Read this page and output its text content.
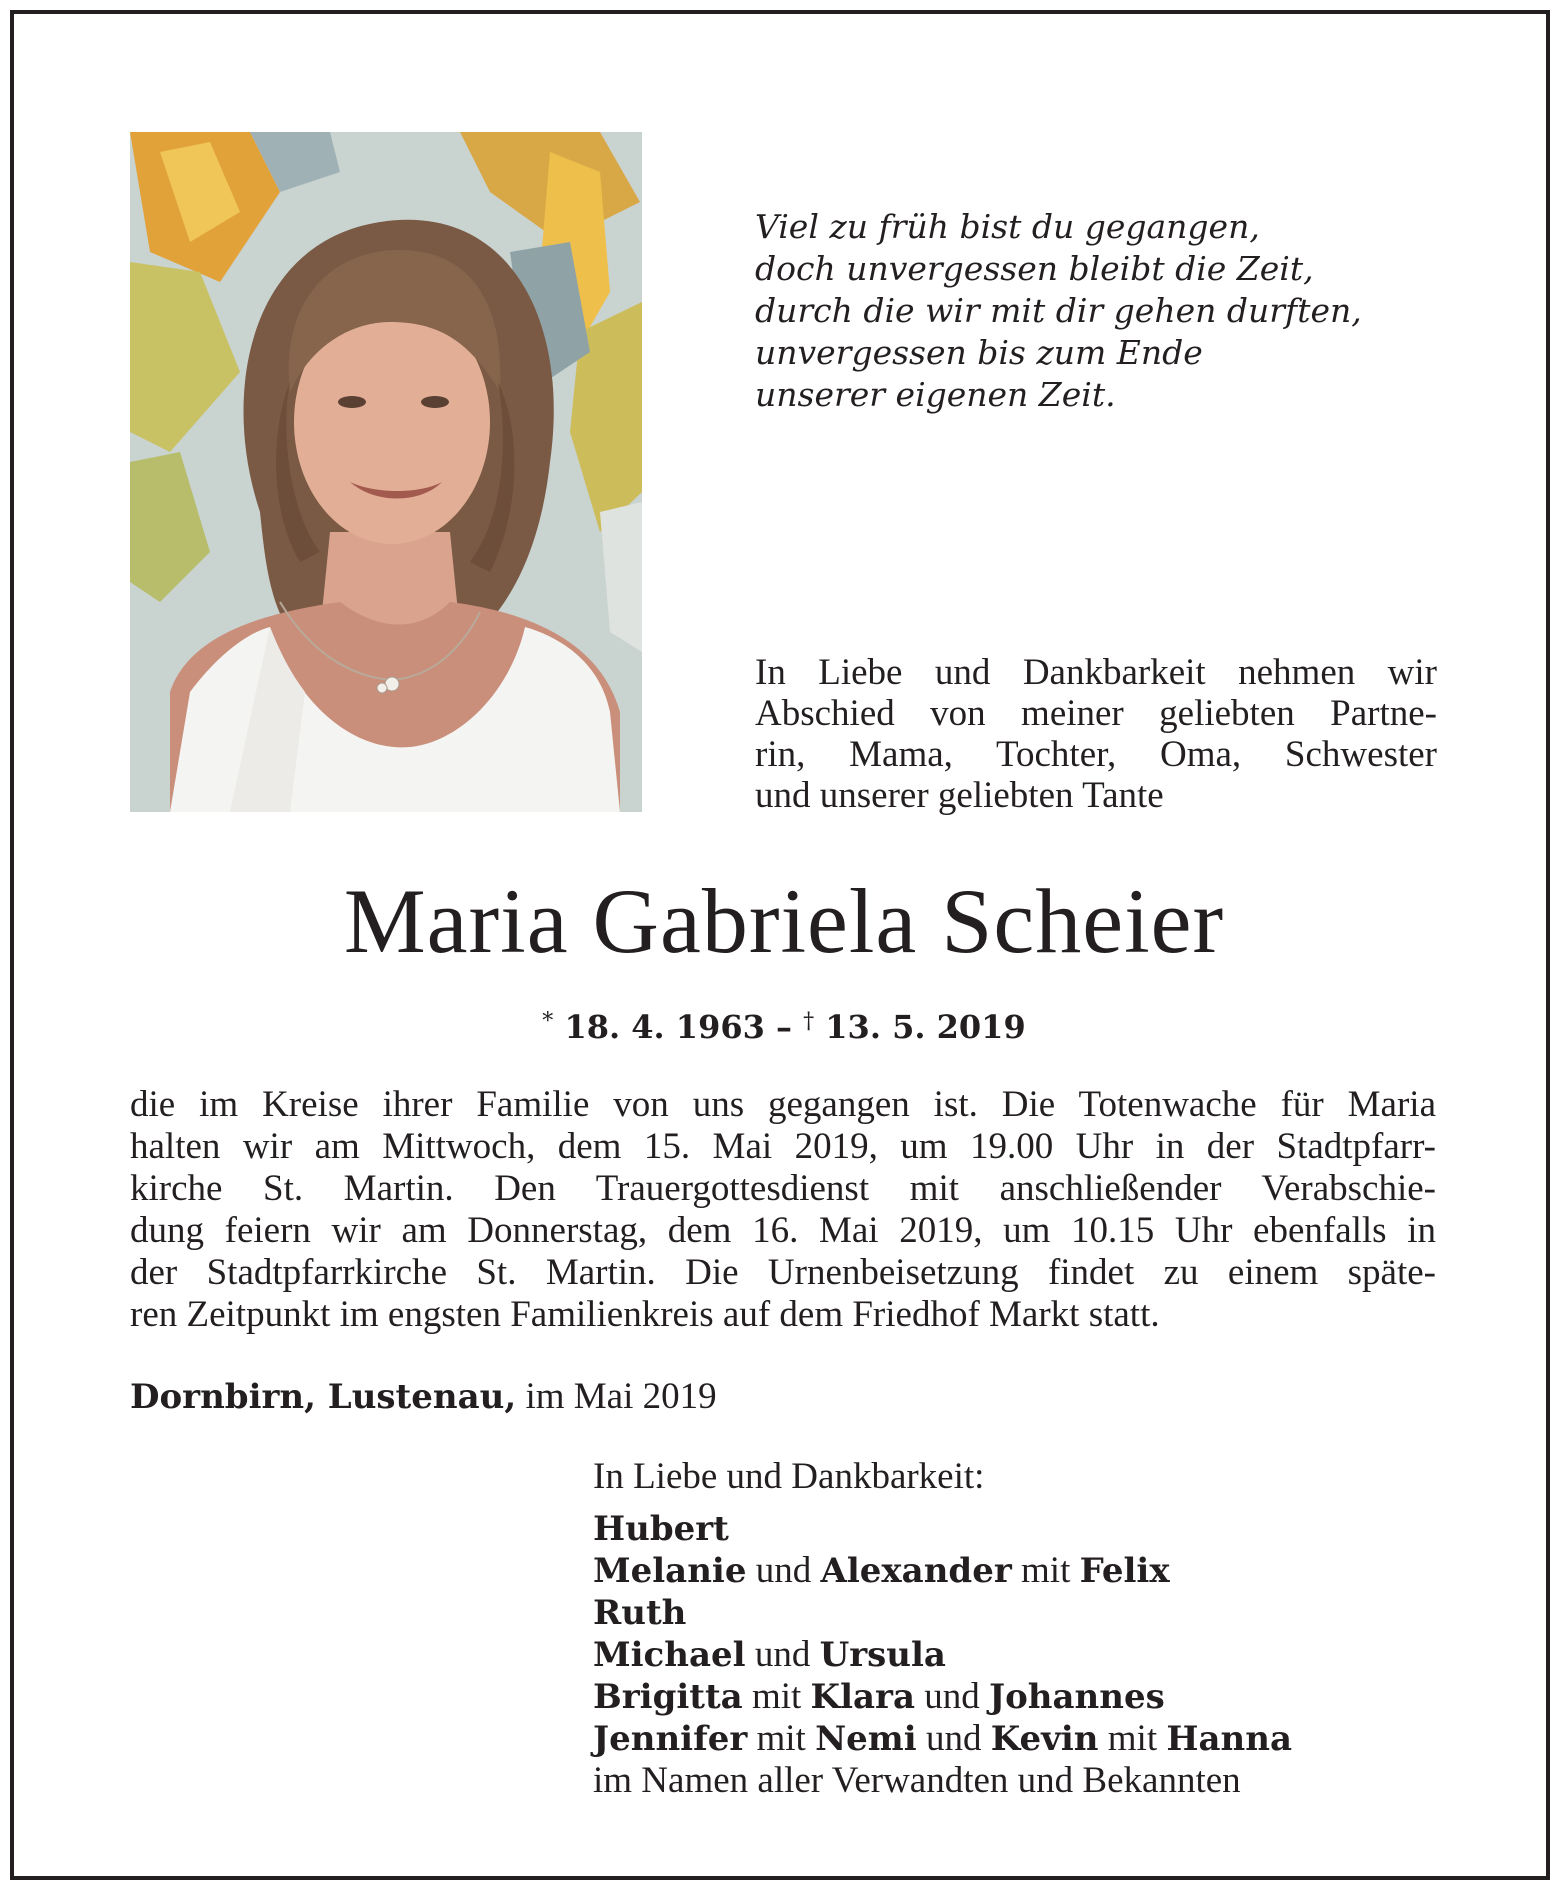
Viel zu früh bist du gegangen,
doch unvergessen bleibt die Zeit,
durch die wir mit dir gehen durften,
unvergessen bis zum Ende
unserer eigenen Zeit.
In Liebe und Dankbarkeit nehmen wir
Abschied von meiner geliebten Partne-
rin, Mama, Tochter, Oma, Schwester
und unserer geliebten Tante
Maria Gabriela Scheier
* 18. 4. 1963 – † 13. 5. 2019
die im Kreise ihrer Familie von uns gegangen ist. Die Totenwache für Maria
halten wir am Mittwoch, dem 15. Mai 2019, um 19.00 Uhr in der Stadtpfarr-
kirche St. Martin. Den Trauergottesdienst mit anschließender Verabschie-
dung feiern wir am Donnerstag, dem 16. Mai 2019, um 10.15 Uhr ebenfalls in
der Stadtpfarrkirche St. Martin. Die Urnenbeisetzung findet zu einem späte-
ren Zeitpunkt im engsten Familienkreis auf dem Friedhof Markt statt.
Dornbirn, Lustenau, im Mai 2019
In Liebe und Dankbarkeit:
Hubert
Melanie und Alexander mit Felix
Ruth
Michael und Ursula
Brigitta mit Klara und Johannes
Jennifer mit Nemi und Kevin mit Hanna
im Namen aller Verwandten und Bekannten
